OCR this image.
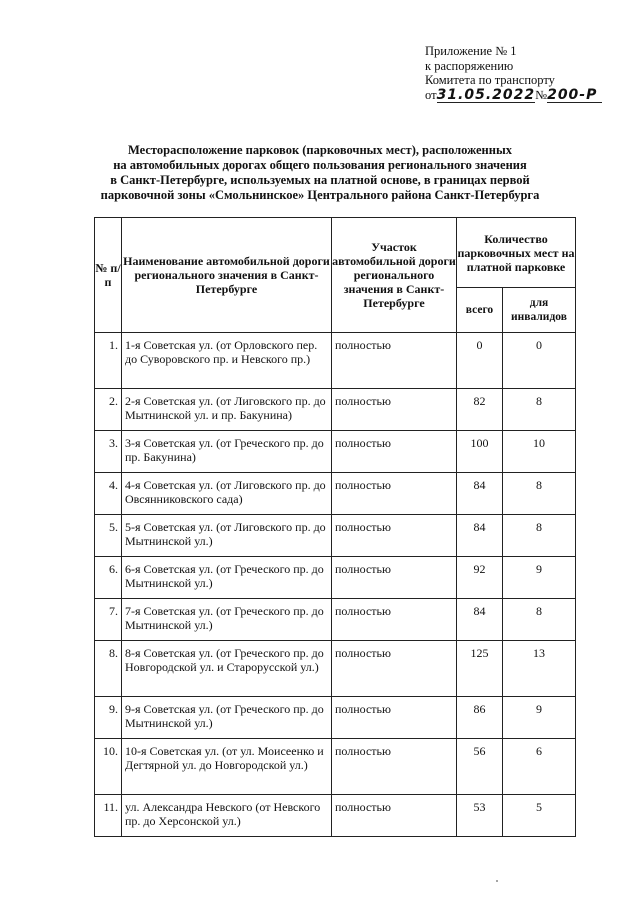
Приложение № 1
к распоряжению
Комитета по транспорту
от31.05.2022№200-Р
Месторасположение парковок (парковочных мест), расположенных
на автомобильных дорогах общего пользования регионального значения
в Санкт-Петербурге, используемых на платной основе, в границах первой
парковочной зоны «Смольнинское» Центрального района Санкт-Петербурга
№ п/п	Наименование автомобильной дороги регионального значения в Санкт-Петербурге	Участок автомобильной дороги регионального значения в Санкт-Петербурге	Количество парковочных мест на платной парковке	
			всего	для инвалидов
1.	1-я Советская ул. (от Орловского пер. до Суворовского пр. и Невского пр.)	полностью	0	0
2.	2-я Советская ул. (от Лиговского пр. до Мытнинской ул. и пр. Бакунина)	полностью	82	8
3.	3-я Советская ул. (от Греческого пр. до пр. Бакунина)	полностью	100	10
4.	4-я Советская ул. (от Лиговского пр. до Овсянниковского сада)	полностью	84	8
5.	5-я Советская ул. (от Лиговского пр. до Мытнинской ул.)	полностью	84	8
6.	6-я Советская ул. (от Греческого пр. до Мытнинской ул.)	полностью	92	9
7.	7-я Советская ул. (от Греческого пр. до Мытнинской ул.)	полностью	84	8
8.	8-я Советская ул. (от Греческого пр. до Новгородской ул. и Старорусской ул.)	полностью	125	13
9.	9-я Советская ул. (от Греческого пр. до Мытнинской ул.)	полностью	86	9
10.	10-я Советская ул. (от ул. Моисеенко и Дегтярной ул. до Новгородской ул.)	полностью	56	6
11.	ул. Александра Невского (от Невского пр. до Херсонской ул.)	полностью	53	5
